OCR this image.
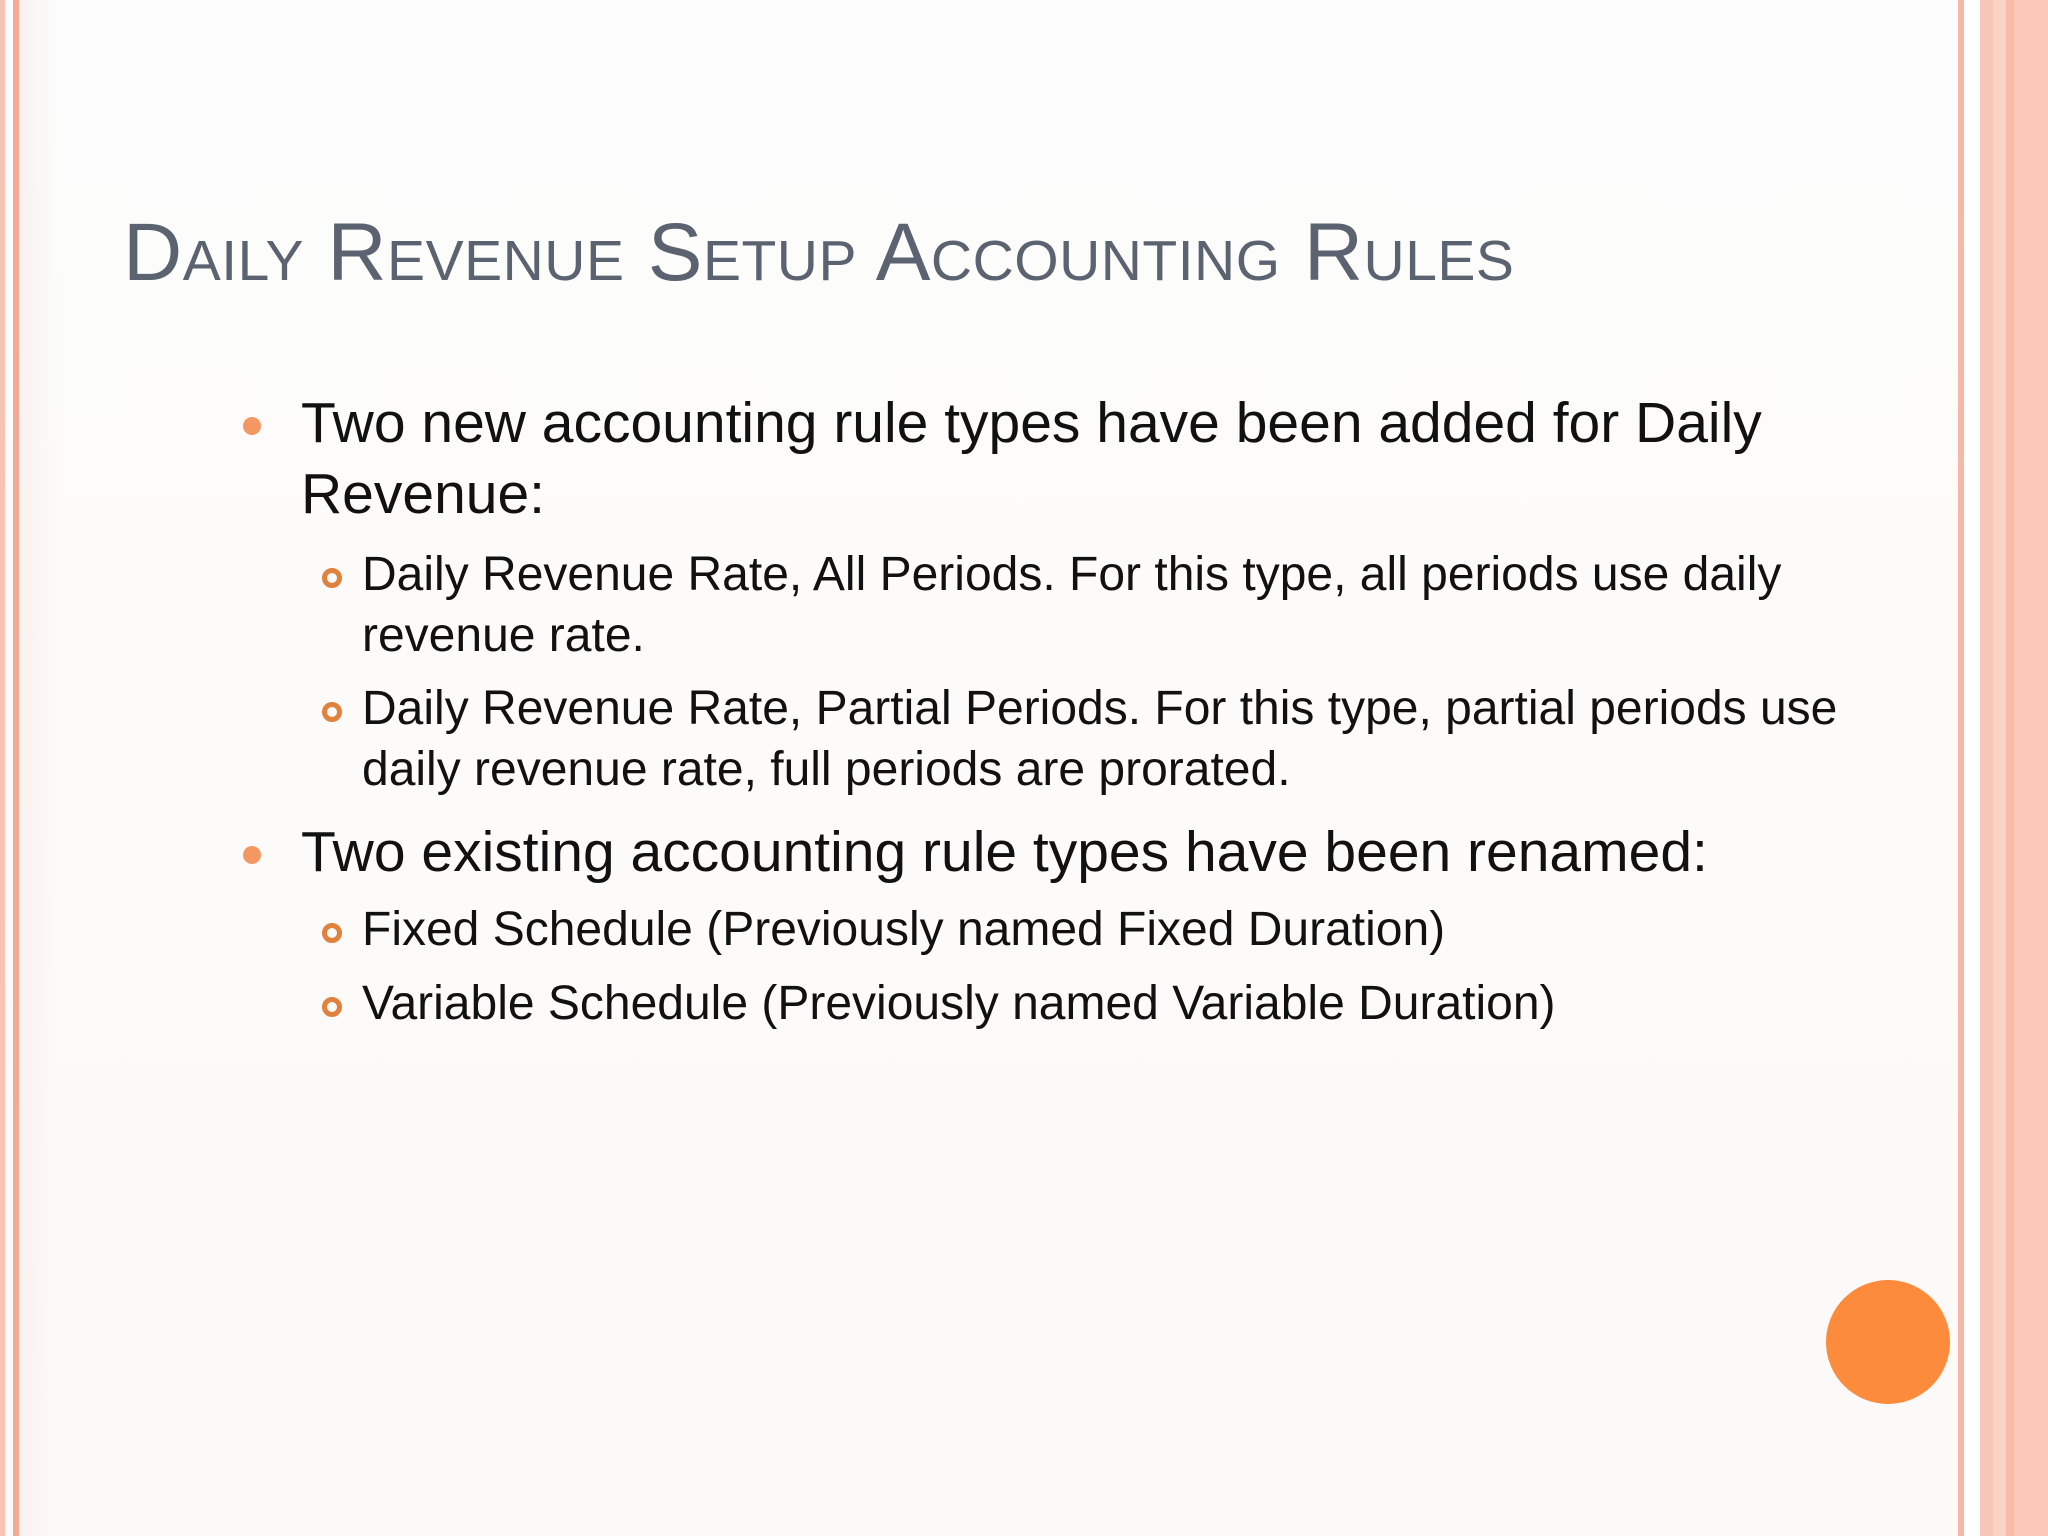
Daily Revenue Setup Accounting Rules
Two new accounting rule types have been added for Daily Revenue:
Daily Revenue Rate, All Periods. For this type, all periods use daily revenue rate.
Daily Revenue Rate, Partial Periods. For this type, partial periods use daily revenue rate, full periods are prorated.
Two existing accounting rule types have been renamed:
Fixed Schedule (Previously named Fixed Duration)
Variable Schedule (Previously named Variable Duration)
